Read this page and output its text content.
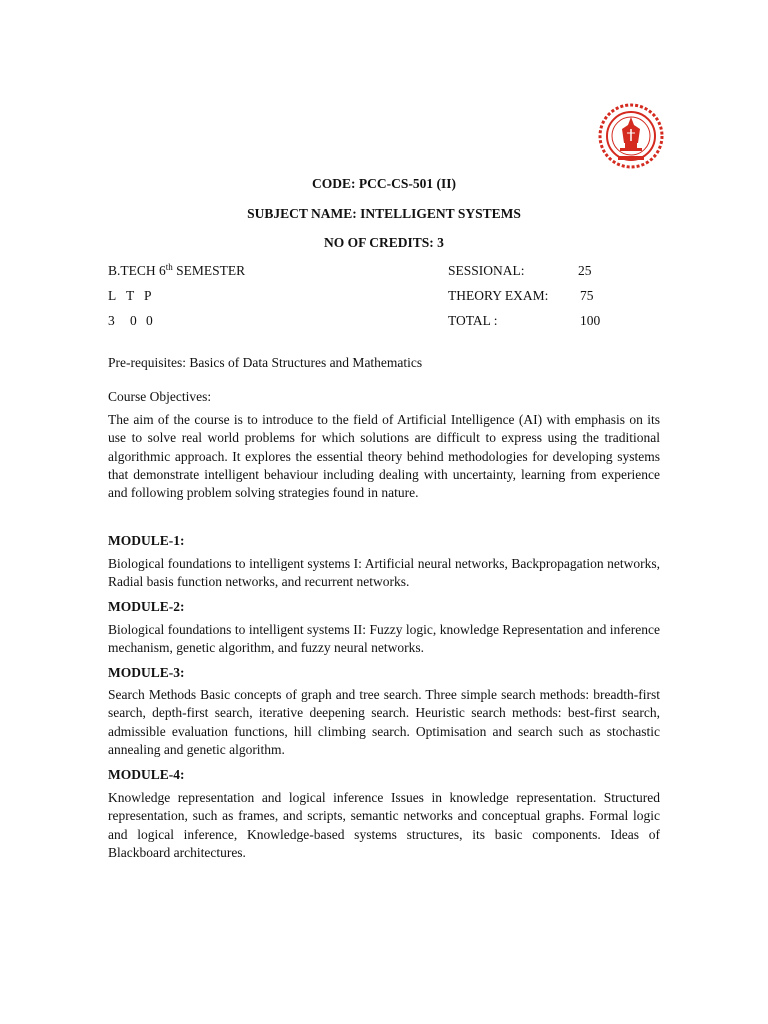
CODE: PCC-CS-501 (II)
SUBJECT NAME: INTELLIGENT SYSTEMS
NO OF CREDITS: 3
B.TECH 6th SEMESTER
L T P
3 0 0
SESSIONAL:	25
THEORY EXAM: 75
TOTAL :	100
Pre-requisites: Basics of Data Structures and Mathematics
Course Objectives:
The aim of the course is to introduce to the field of Artificial Intelligence (AI) with emphasis on its use to solve real world problems for which solutions are difficult to express using the traditional algorithmic approach. It explores the essential theory behind methodologies for developing systems that demonstrate intelligent behaviour including dealing with uncertainty, learning from experience and following problem solving strategies found in nature.
MODULE-1:
Biological foundations to intelligent systems I: Artificial neural networks, Backpropagation networks, Radial basis function networks, and recurrent networks.
MODULE-2:
Biological foundations to intelligent systems II: Fuzzy logic, knowledge Representation and inference mechanism, genetic algorithm, and fuzzy neural networks.
MODULE-3:
Search Methods Basic concepts of graph and tree search. Three simple search methods: breadth-first search, depth-first search, iterative deepening search. Heuristic search methods: best-first search, admissible evaluation functions, hill climbing search. Optimisation and search such as stochastic annealing and genetic algorithm.
MODULE-4:
Knowledge representation and logical inference Issues in knowledge representation. Structured representation, such as frames, and scripts, semantic networks and conceptual graphs. Formal logic and logical inference, Knowledge-based systems structures, its basic components. Ideas of Blackboard architectures.
